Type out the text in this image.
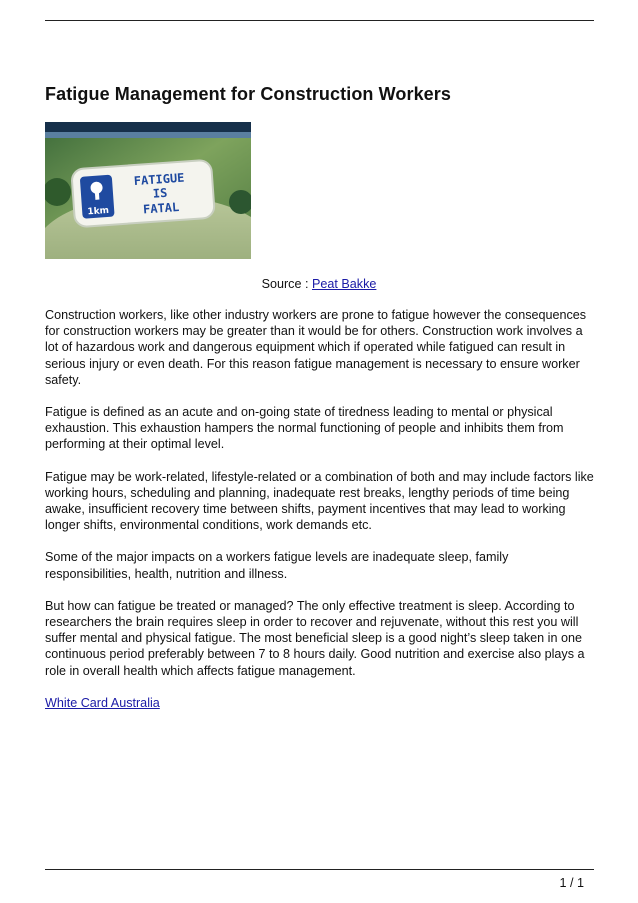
Fatigue Management for Construction Workers
1km
FATIGUE
IS
FATAL
Source : Peat Bakke

Construction workers, like other industry workers are prone to fatigue however the consequences for construction workers may be greater than it would be for others. Construction work involves a lot of hazardous work and dangerous equipment which if operated while fatigued can result in serious injury or even death. For this reason fatigue management is necessary to ensure worker safety.

Fatigue is defined as an acute and on-going state of tiredness leading to mental or physical exhaustion. This exhaustion hampers the normal functioning of people and inhibits them from performing at their optimal level.

Fatigue may be work-related, lifestyle-related or a combination of both and may include factors like working hours, scheduling and planning, inadequate rest breaks, lengthy periods of time being awake, insufficient recovery time between shifts, payment incentives that may lead to working longer shifts, environmental conditions, work demands etc.

Some of the major impacts on a workers fatigue levels are inadequate sleep, family responsibilities, health, nutrition and illness.

But how can fatigue be treated or managed? The only effective treatment is sleep. According to researchers the brain requires sleep in order to recover and rejuvenate, without this rest you will suffer mental and physical fatigue. The most beneficial sleep is a good night’s sleep taken in one continuous period preferably between 7 to 8 hours daily. Good nutrition and exercise also plays a role in overall health which affects fatigue management.

White Card Australia

1 / 1
